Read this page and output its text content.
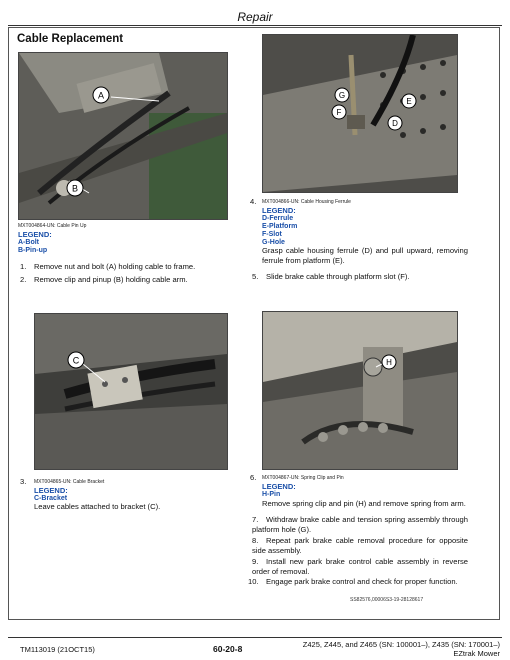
Repair
Cable Replacement
A
B
MXT004864-UN: Cable Pin Up
LEGEND:
A-Bolt
B-Pin-up
1. Remove nut and bolt (A) holding cable to frame.
2. Remove clip and pinup (B) holding cable arm.
G
E
F
D
4. MXT004866-UN: Cable Housing Ferrule
LEGEND:
D-Ferrule
E-Platform
F-Slot
G-Hole
Grasp cable housing ferrule (D) and pull upward, removing ferrule from platform (E).
5. Slide brake cable through platform slot (F).
C
3. MXT004865-UN: Cable Bracket
LEGEND:
C-Bracket
Leave cables attached to bracket (C).
H
6. MXT004867-UN: Spring Clip and Pin
LEGEND:
H-Pin
Remove spring clip and pin (H) and remove spring from arm.
7. Withdraw brake cable and tension spring assembly through platform hole (G).
8. Repeat park brake cable removal procedure for opposite side assembly.
9. Install new park brake control cable assembly in reverse order of removal.
10. Engage park brake control and check for proper function.
SS82576,00006S3-19-28128617
TM113019 (21OCT15)	60-20-8	Z425, Z445, and Z465 (SN: 100001–), Z435 (SN: 170001–)
EZtrak Mower
